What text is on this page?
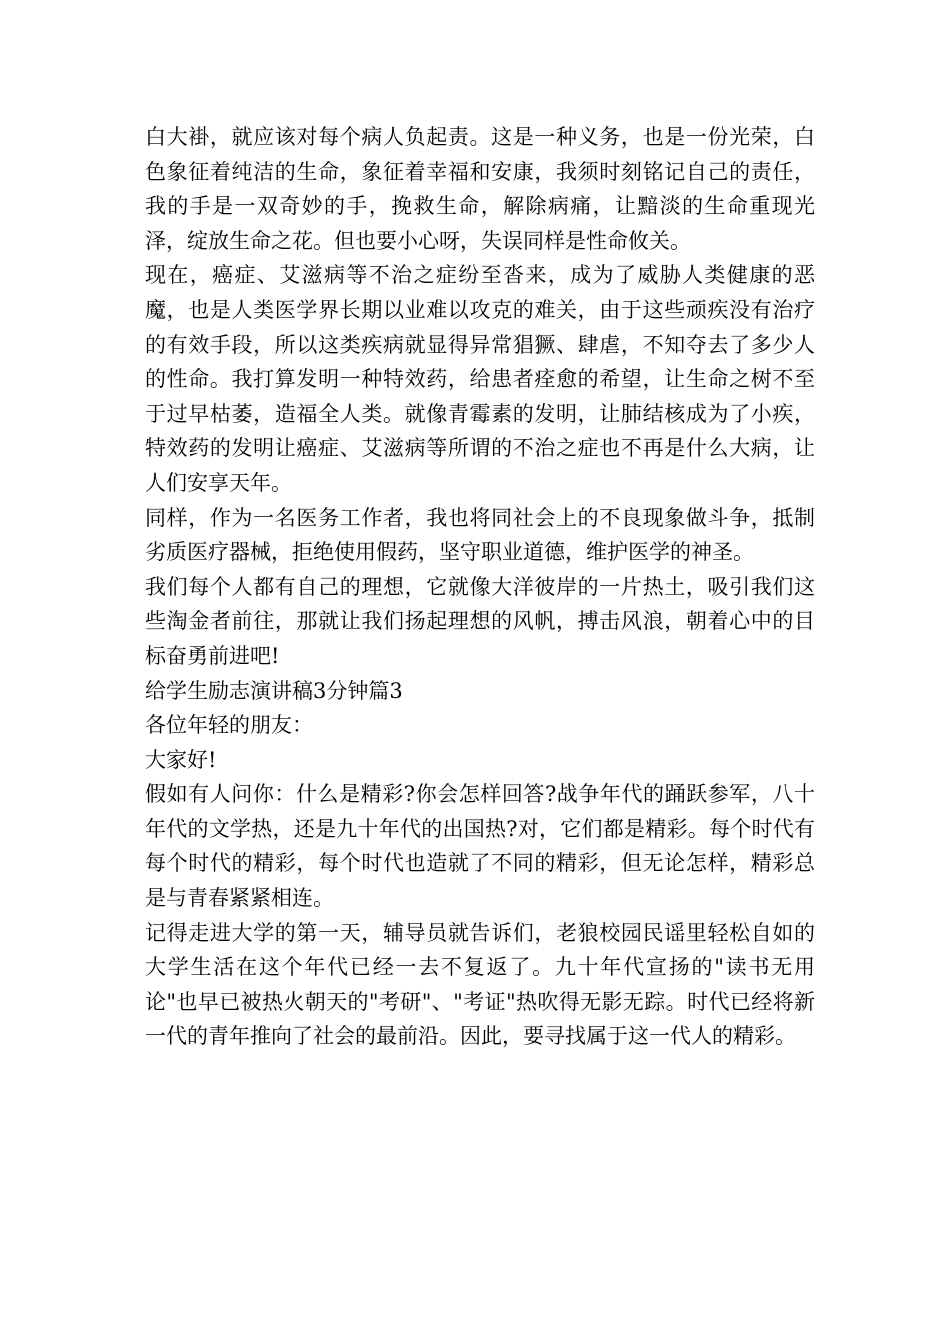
白大褂，就应该对每个病人负起责。这是一种义务，也是一份光荣，白色象征着纯洁的生命，象征着幸福和安康，我须时刻铭记自己的责任，我的手是一双奇妙的手，挽救生命，解除病痛，让黯淡的生命重现光泽，绽放生命之花。但也要小心呀，失误同样是性命攸关。

现在，癌症、艾滋病等不治之症纷至沓来，成为了威胁人类健康的恶魔，也是人类医学界长期以业难以攻克的难关，由于这些顽疾没有治疗的有效手段，所以这类疾病就显得异常猖獗、肆虐，不知夺去了多少人的性命。我打算发明一种特效药，给患者痊愈的希望，让生命之树不至于过早枯萎，造福全人类。就像青霉素的发明，让肺结核成为了小疾，特效药的发明让癌症、艾滋病等所谓的不治之症也不再是什么大病，让人们安享天年。

同样，作为一名医务工作者，我也将同社会上的不良现象做斗争，抵制劣质医疗器械，拒绝使用假药，坚守职业道德，维护医学的神圣。

我们每个人都有自己的理想，它就像大洋彼岸的一片热土，吸引我们这些淘金者前往，那就让我们扬起理想的风帆，搏击风浪，朝着心中的目标奋勇前进吧!

给学生励志演讲稿3分钟篇3

各位年轻的朋友：

大家好!

假如有人问你：什么是精彩?你会怎样回答?战争年代的踊跃参军，八十年代的文学热，还是九十年代的出国热?对，它们都是精彩。每个时代有每个时代的精彩，每个时代也造就了不同的精彩，但无论怎样，精彩总是与青春紧紧相连。

记得走进大学的第一天，辅导员就告诉们，老狼校园民谣里轻松自如的大学生活在这个年代已经一去不复返了。九十年代宣扬的"读书无用论"也早已被热火朝天的"考研"、"考证"热吹得无影无踪。时代已经将新一代的青年推向了社会的最前沿。因此，要寻找属于这一代人的精彩。
